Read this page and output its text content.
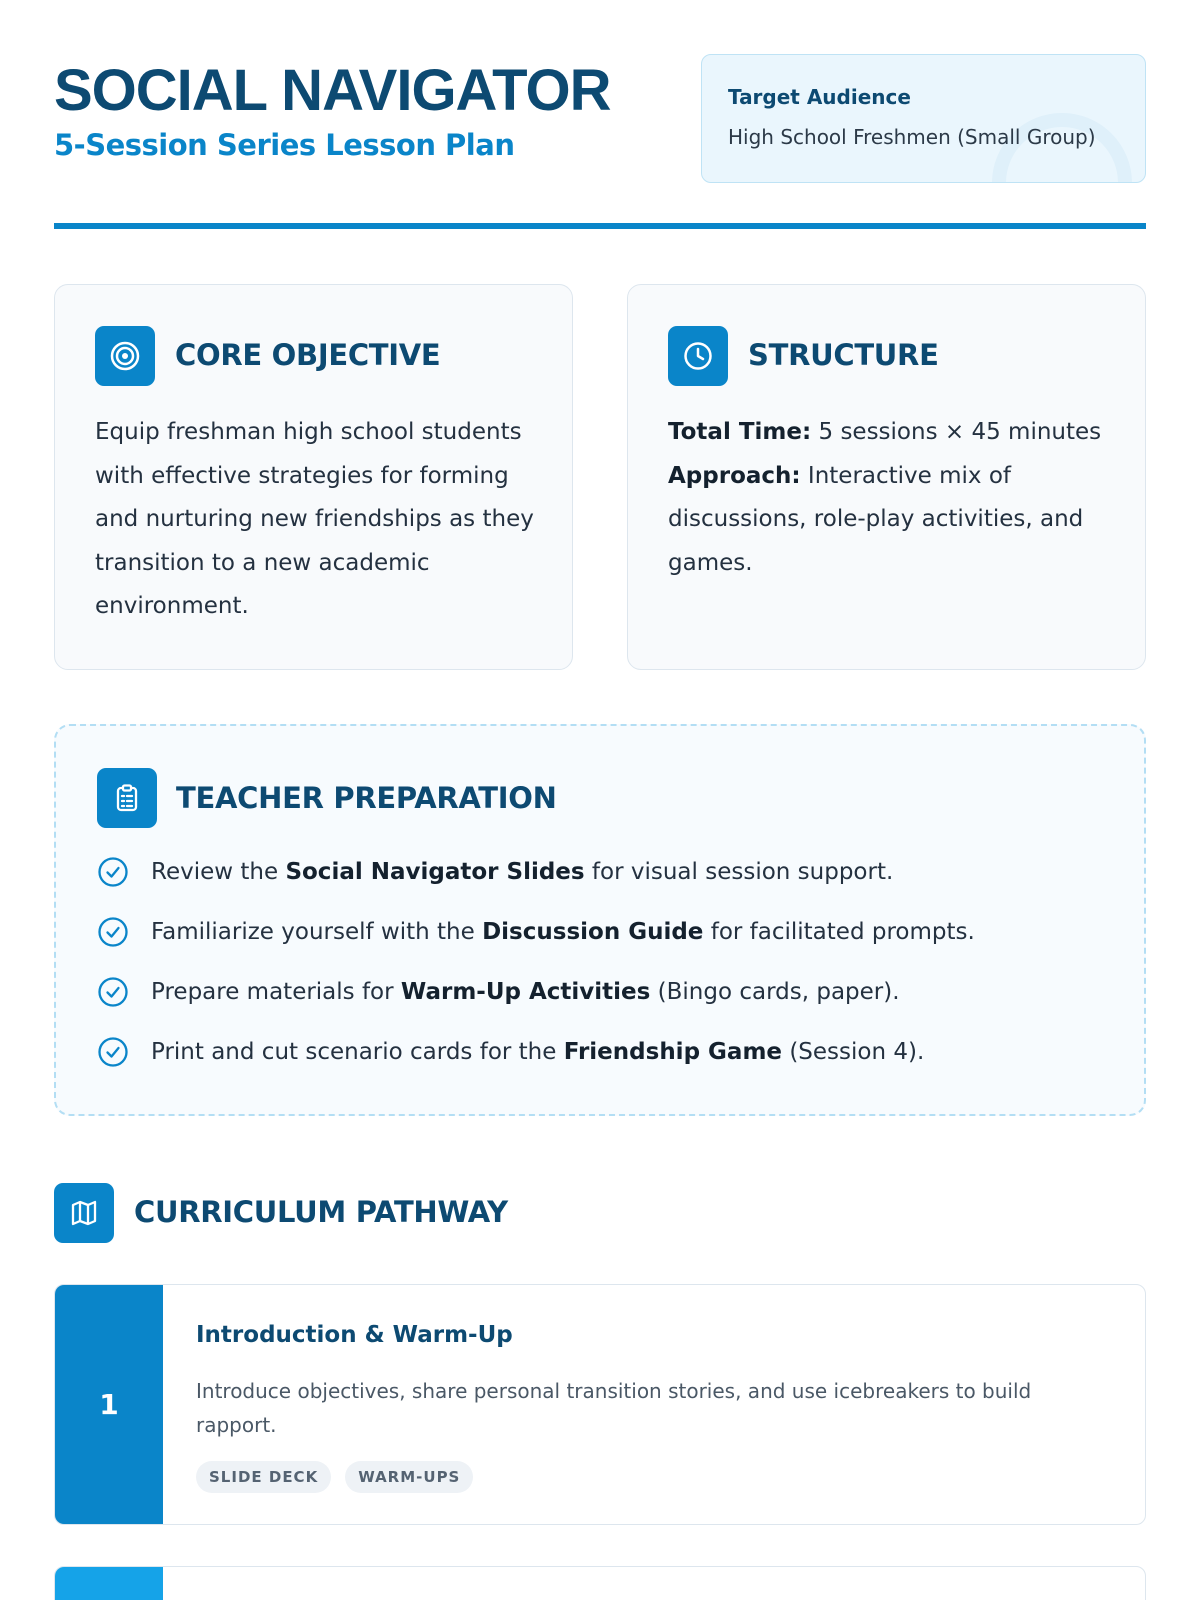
SOCIAL NAVIGATOR
5-Session Series Lesson Plan
Target Audience
High School Freshmen (Small Group)
CORE OBJECTIVE
Equip freshman high school students with effective strategies for forming and nurturing new friendships as they transition to a new academic environment.
STRUCTURE
Total Time: 5 sessions × 45 minutes
Approach: Interactive mix of discussions, role-play activities, and games.
TEACHER PREPARATION
Review the Social Navigator Slides for visual session support.
Familiarize yourself with the Discussion Guide for facilitated prompts.
Prepare materials for Warm-Up Activities (Bingo cards, paper).
Print and cut scenario cards for the Friendship Game (Session 4).
CURRICULUM PATHWAY
1
Introduction & Warm-Up
Introduce objectives, share personal transition stories, and use icebreakers to build rapport.
SLIDE DECK	WARM-UPS
